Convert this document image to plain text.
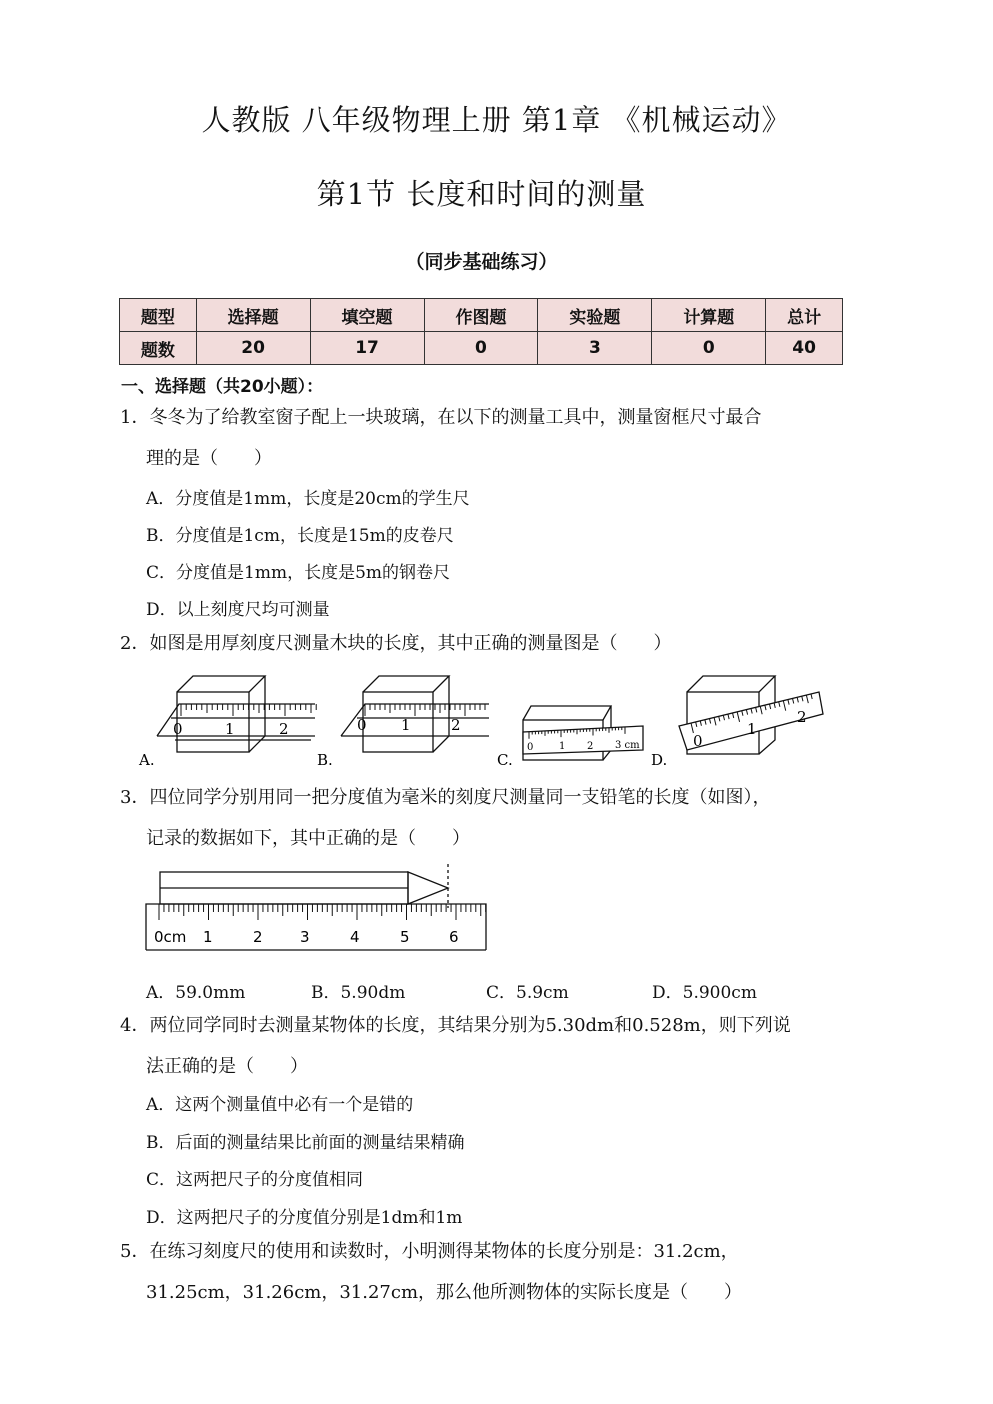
人教版 八年级物理上册 第1章 《机械运动》
第1节 长度和时间的测量
（同步基础练习）
题型	选择题	填空题	作图题	实验题	计算题	总计
题数	20	17	0	3	0	40
一、选择题（共20小题）：
1．冬冬为了给教室窗子配上一块玻璃，在以下的测量工具中，测量窗框尺寸最合
理的是（　　）
A．分度值是1mm，长度是20cm的学生尺
B．分度值是1cm，长度是15m的皮卷尺
C．分度值是1mm，长度是5m的钢卷尺
D．以上刻度尺均可测量
2．如图是用厚刻度尺测量木块的长度，其中正确的测量图是（　　）
0	1	2
A.
0 1	2
B.
0	1 2 3 cm
C.
0
1
2
D.
3．四位同学分别用同一把分度值为毫米的刻度尺测量同一支铅笔的长度（如图），
记录的数据如下，其中正确的是（　　）
0cm 1	2 3	4	5	6
A．59.0mm	B．5.90dm	C．5.9cm	D．5.900cm
4．两位同学同时去测量某物体的长度，其结果分别为5.30dm和0.528m，则下列说
法正确的是（　　）
A．这两个测量值中必有一个是错的
B．后面的测量结果比前面的测量结果精确
C．这两把尺子的分度值相同
D．这两把尺子的分度值分别是1dm和1m
5．在练习刻度尺的使用和读数时，小明测得某物体的长度分别是：31.2cm，
31.25cm，31.26cm，31.27cm，那么他所测物体的实际长度是（　　）
